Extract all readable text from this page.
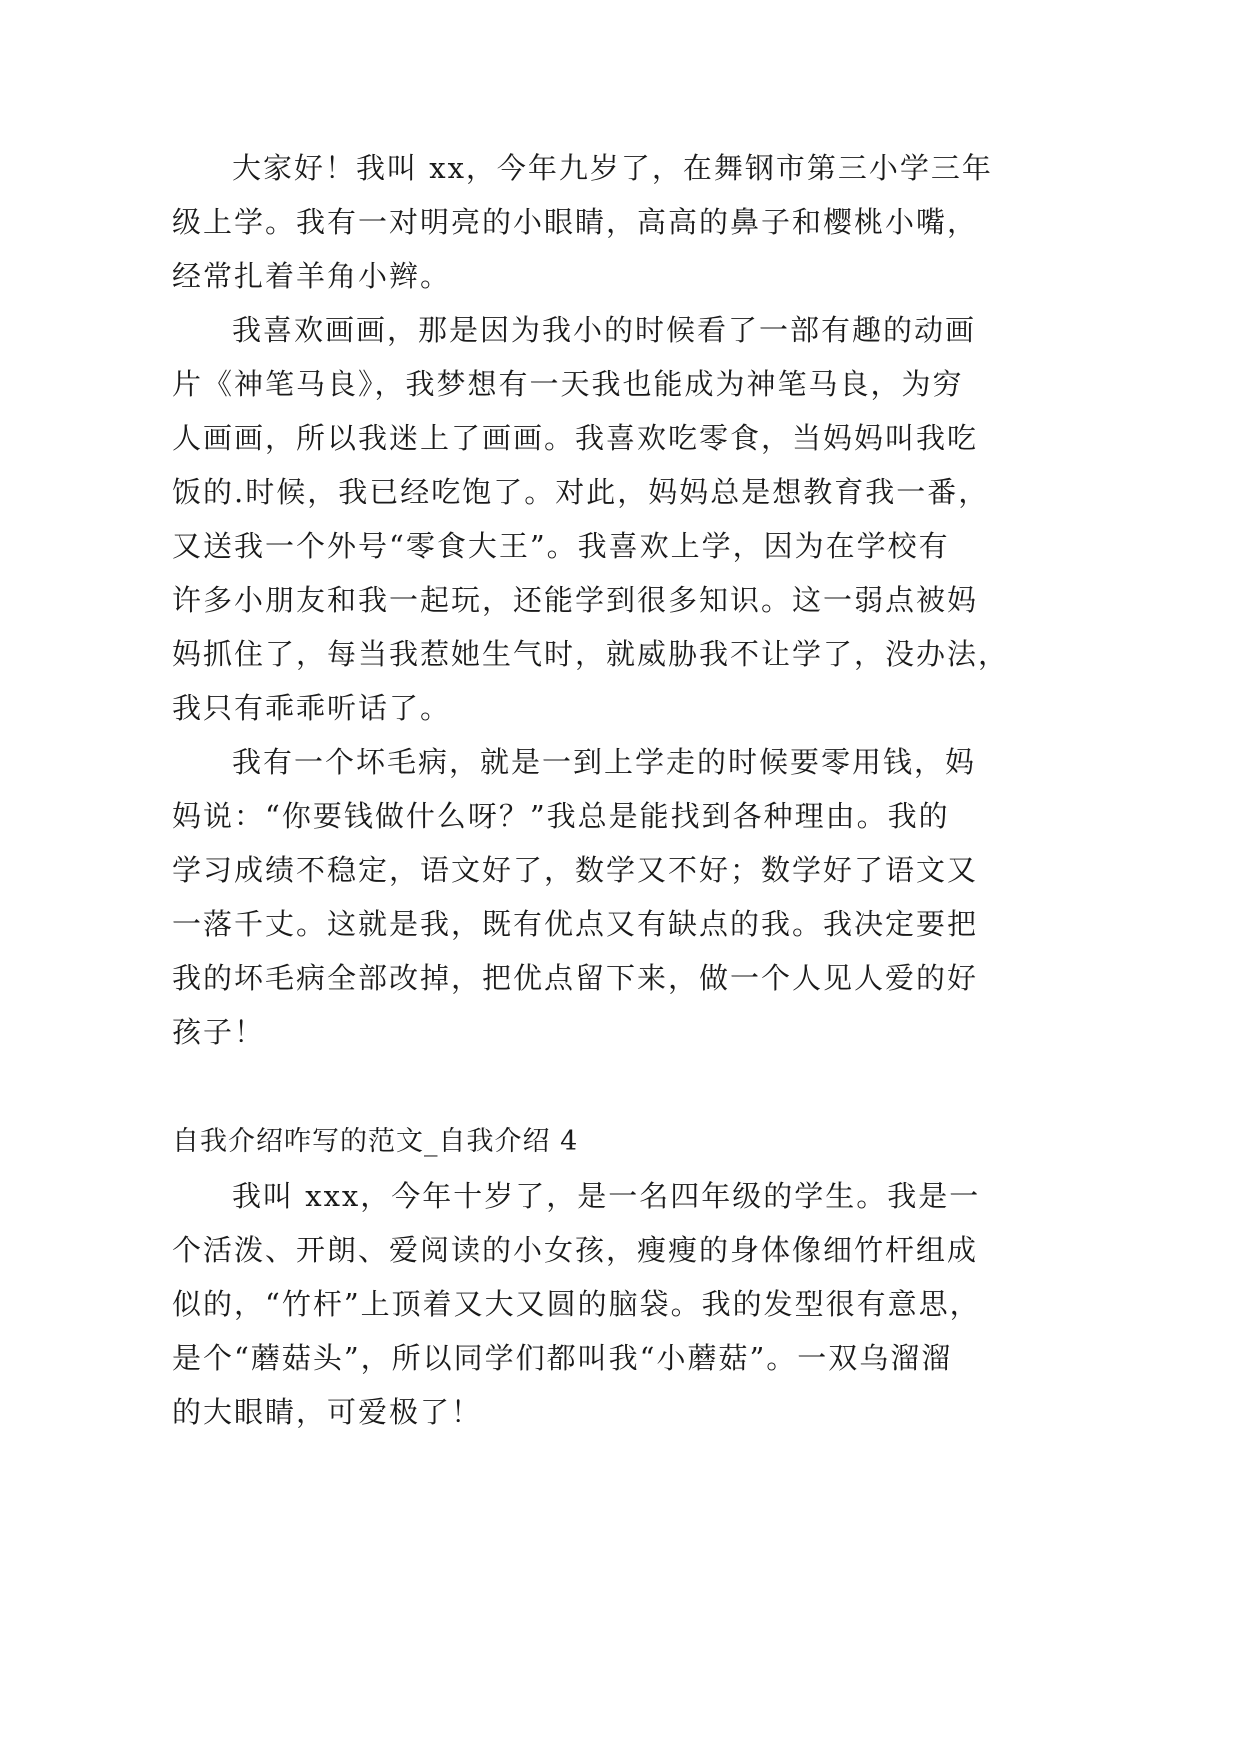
大家好！我叫 xx，今年九岁了，在舞钢市第三小学三年
级上学。我有一对明亮的小眼睛，高高的鼻子和樱桃小嘴，
经常扎着羊角小辫。
我喜欢画画，那是因为我小的时候看了一部有趣的动画
片《神笔马良》，我梦想有一天我也能成为神笔马良，为穷
人画画，所以我迷上了画画。我喜欢吃零食，当妈妈叫我吃
饭的.时候，我已经吃饱了。对此，妈妈总是想教育我一番，
又送我一个外号“零食大王”。我喜欢上学，因为在学校有
许多小朋友和我一起玩，还能学到很多知识。这一弱点被妈
妈抓住了，每当我惹她生气时，就威胁我不让学了，没办法，
我只有乖乖听话了。
我有一个坏毛病，就是一到上学走的时候要零用钱，妈
妈说：“你要钱做什么呀？”我总是能找到各种理由。我的
学习成绩不稳定，语文好了，数学又不好；数学好了语文又
一落千丈。这就是我，既有优点又有缺点的我。我决定要把
我的坏毛病全部改掉，把优点留下来，做一个人见人爱的好
孩子！
自我介绍咋写的范文_自我介绍 4
我叫 xxx，今年十岁了，是一名四年级的学生。我是一
个活泼、开朗、爱阅读的小女孩，瘦瘦的身体像细竹杆组成
似的，“竹杆”上顶着又大又圆的脑袋。我的发型很有意思，
是个“蘑菇头”，所以同学们都叫我“小蘑菇”。一双乌溜溜
的大眼睛，可爱极了！
